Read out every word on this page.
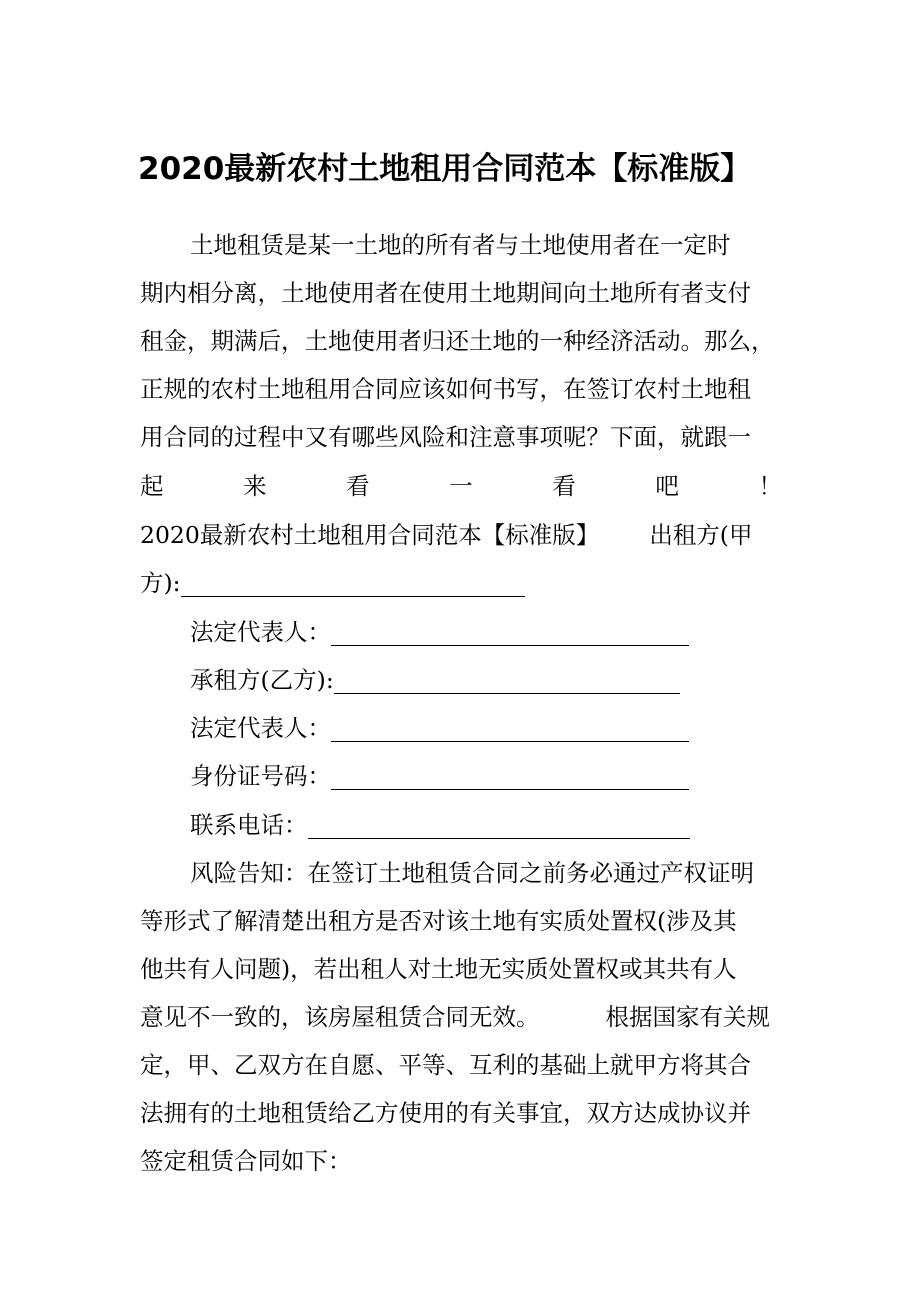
2020最新农村土地租用合同范本【标准版】
土地租赁是某一土地的所有者与土地使用者在一定时
期内相分离，土地使用者在使用土地期间向土地所有者支付
租金，期满后，土地使用者归还土地的一种经济活动。那么，
正规的农村土地租用合同应该如何书写，在签订农村土地租
用合同的过程中又有哪些风险和注意事项呢？下面，就跟一
起	来	看	一	看	吧	！
2020最新农村土地租用合同范本【标准版】 出租方(甲
方):
法定代表人：
承租方(乙方):
法定代表人：
身份证号码：
联系电话：
风险告知：在签订土地租赁合同之前务必通过产权证明
等形式了解清楚出租方是否对该土地有实质处置权(涉及其
他共有人问题)，若出租人对土地无实质处置权或其共有人
意见不一致的，该房屋租赁合同无效。	根据国家有关规
定，甲、乙双方在自愿、平等、互利的基础上就甲方将其合
法拥有的土地租赁给乙方使用的有关事宜，双方达成协议并
签定租赁合同如下：
